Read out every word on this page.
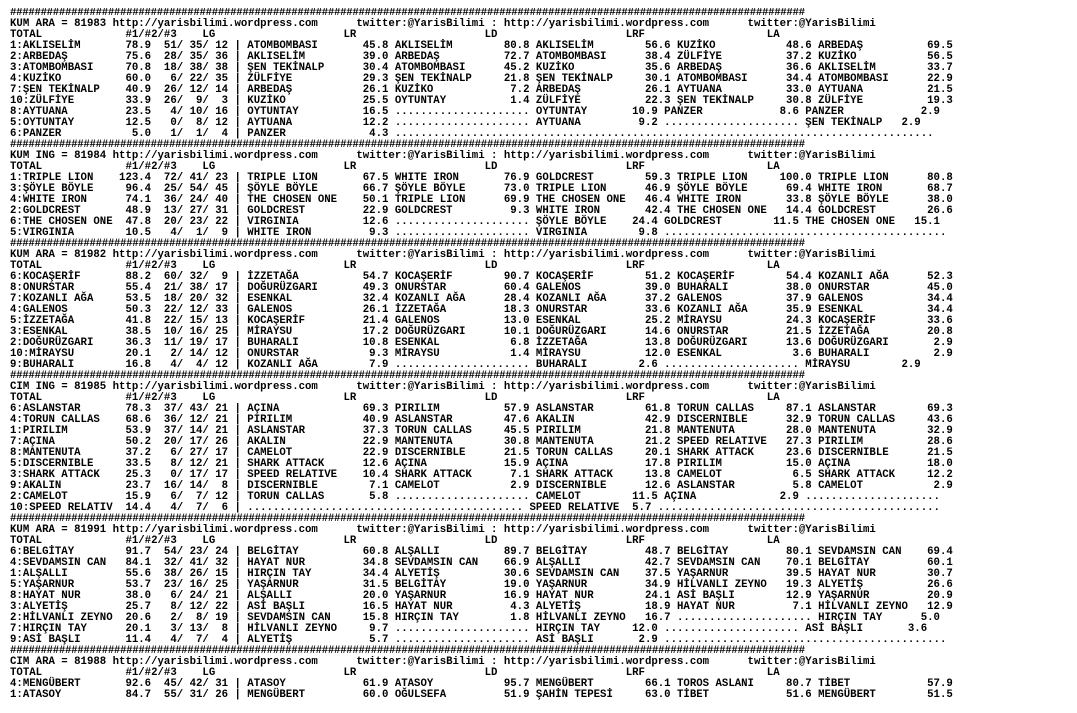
##################################################################################################################################
KUM ARA = 81983 http://yarisbilimi.wordpress.com      twitter:@YarisBilimi : http://yarisbilimi.wordpress.com      twitter:@YarisBilimi
TOTAL             #1/#2/#3    LG                    LR                    LD                    LRF                   LA
1:AKLISELİM       78.9  51/ 35/ 12 | ATOMBOMBASI       45.8 AKLISELİM        80.8 AKLISELİM        56.6 KUZİKO           48.6 ARBEDAŞ          69.5
2:ARBEDAŞ         75.6  28/ 35/ 36 | AKLISELİM         39.0 ARBEDAŞ          72.7 ATOMBOMBASI      38.4 ZÜLFİYE          37.2 KUZİKO           56.5
3:ATOMBOMBASI     70.8  18/ 38/ 38 | ŞEN TEKİNALP      30.4 ATOMBOMBASI      45.2 KUZİKO           35.6 ARBEDAŞ          36.6 AKLISELİM        33.7
4:KUZİKO          60.0   6/ 22/ 35 | ZÜLFİYE           29.3 ŞEN TEKİNALP     21.8 ŞEN TEKİNALP     30.1 ATOMBOMBASI      34.4 ATOMBOMBASI      22.9
7:ŞEN TEKİNALP    40.9  26/ 12/ 14 | ARBEDAŞ           26.1 KUZİKO            7.2 ARBEDAŞ          26.1 AYTUANA          33.0 AYTUANA          21.5
10:ZÜLFİYE        33.9  26/  9/  3 | KUZİKO            25.5 OYTUNTAY          1.4 ZÜLFİYE          22.3 ŞEN TEKİNALP     30.8 ZÜLFİYE          19.3
8:AYTUANA         23.5   4/ 10/ 16 | OYTUNTAY          16.5 ..................... OYTUNTAY       10.9 PANZER            8.6 PANZER            2.9
5:OYTUNTAY        12.5   0/  8/ 12 | AYTUANA           12.2 ..................... AYTUANA         9.2 ..................... ŞEN TEKİNALP   2.9
6:PANZER           5.0   1/  1/  4 | PANZER             4.3 ....................................................................................
##################################################################################################################################
KUM ING = 81984 http://yarisbilimi.wordpress.com      twitter:@YarisBilimi : http://yarisbilimi.wordpress.com      twitter:@YarisBilimi
TOTAL             #1/#2/#3    LG                    LR                    LD                    LRF                   LA
1:TRIPLE LION    123.4  72/ 41/ 23 | TRIPLE LION       67.5 WHITE IRON       76.9 GOLDCREST        59.3 TRIPLE LION     100.0 TRIPLE LION      80.8
3:ŞÖYLE BÖYLE     96.4  25/ 54/ 45 | ŞÖYLE BÖYLE       66.7 ŞÖYLE BÖYLE      73.0 TRIPLE LION      46.9 ŞÖYLE BÖYLE      69.4 WHITE IRON       68.7
4:WHITE IRON      74.1  36/ 24/ 40 | THE CHOSEN ONE    50.1 TRIPLE LION      69.9 THE CHOSEN ONE   46.4 WHITE IRON       33.8 ŞÖYLE BÖYLE      38.0
2:GOLDCREST       48.9  13/ 27/ 31 | GOLDCREST         22.9 GOLDCREST         9.3 WHITE IRON       42.4 THE CHOSEN ONE   14.4 GOLDCREST        26.6
6:THE CHOSEN ONE  47.8  20/ 23/ 22 | VIRGINIA          12.6 ..................... ŞÖYLE BÖYLE    24.4 GOLDCREST        11.5 THE CHOSEN ONE   15.1
5:VIRGINIA        10.5   4/  1/  9 | WHITE IRON         9.3 ..................... VIRGINIA        9.8 ............................................
##################################################################################################################################
KUM ARA = 81982 http://yarisbilimi.wordpress.com      twitter:@YarisBilimi : http://yarisbilimi.wordpress.com      twitter:@YarisBilimi
TOTAL             #1/#2/#3    LG                    LR                    LD                    LRF                   LA
6:KOCAŞERİF       88.2  60/ 32/  9 | İZZETAĞA          54.7 KOCAŞERİF        90.7 KOCAŞERİF        51.2 KOCAŞERİF        54.4 KOZANLI AĞA      52.3
8:ONURSTAR        55.4  21/ 38/ 17 | DOĞURÜZGARI       49.3 ONURSTAR         60.4 GALENOS          39.0 BUHARALI         38.0 ONURSTAR         45.0
7:KOZANLI AĞA     53.5  18/ 20/ 32 | ESENKAL           32.4 KOZANLI AĞA      28.4 KOZANLI AĞA      37.2 GALENOS          37.9 GALENOS          34.4
4:GALENOS         50.3  22/ 12/ 33 | GALENOS           26.1 İZZETAĞA         18.3 ONURSTAR         33.6 KOZANLI AĞA      35.9 ESENKAL          34.4
5:İZZETAĞA        41.8  22/ 15/ 13 | KOCAŞERİF         21.4 GALENOS          13.0 ESENKAL          25.2 MİRAYSU          24.3 KOCAŞERİF        33.6
3:ESENKAL         38.5  10/ 16/ 25 | MİRAYSU           17.2 DOĞURÜZGARI      10.1 DOĞURÜZGARI      14.6 ONURSTAR         21.5 İZZETAĞA         20.8
2:DOĞURÜZGARI     36.3  11/ 19/ 17 | BUHARALI          10.8 ESENKAL           6.8 İZZETAĞA         13.8 DOĞURÜZGARI      13.6 DOĞURÜZGARI       2.9
10:MİRAYSU        20.1   2/ 14/ 12 | ONURSTAR           9.3 MİRAYSU           1.4 MİRAYSU          12.0 ESENKAL           3.6 BUHARALI          2.9
9:BUHARALI        16.8   4/  4/ 12 | KOZANLI AĞA        7.9 ..................... BUHARALI        2.6 ..................... MİRAYSU        2.9
##################################################################################################################################
CIM ING = 81985 http://yarisbilimi.wordpress.com      twitter:@YarisBilimi : http://yarisbilimi.wordpress.com      twitter:@YarisBilimi
TOTAL             #1/#2/#3    LG                    LR                    LD                    LRF                   LA
6:ASLANSTAR       78.3  37/ 43/ 21 | AÇINA             69.3 PIRILIM          57.9 ASLANSTAR        61.8 TORUN CALLAS     87.1 ASLANSTAR        69.3
4:TORUN CALLAS    68.6  36/ 12/ 21 | PIRILIM           40.9 ASLANSTAR        47.6 AKALIN           42.9 DISCERNIBLE      32.9 TORUN CALLAS     43.6
1:PIRILIM         53.9  37/ 14/ 21 | ASLANSTAR         37.3 TORUN CALLAS     45.5 PIRILIM          21.8 MANTENUTA        28.0 MANTENUTA        32.9
7:AÇINA           50.2  20/ 17/ 26 | AKALIN            22.9 MANTENUTA        30.8 MANTENUTA        21.2 SPEED RELATIVE   27.3 PIRILIM          28.6
8:MANTENUTA       37.2   6/ 27/ 17 | CAMELOT           22.9 DISCERNIBLE      21.5 TORUN CALLAS     20.1 SHARK ATTACK     23.6 DISCERNIBLE      21.5
5:DISCERNIBLE     33.5   8/ 12/ 21 | SHARK ATTACK      12.6 AÇINA            15.9 AÇINA            17.8 PIRILIM          15.0 AÇINA            18.0
3:SHARK ATTACK    25.3   0/ 17/ 17 | SPEED RELATIVE    10.4 SHARK ATTACK      7.1 SHARK ATTACK     13.8 CAMELOT           6.5 SHARK ATTACK     12.2
9:AKALIN          23.7  16/ 14/  8 | DISCERNIBLE        7.1 CAMELOT           2.9 DISCERNIBLE      12.6 ASLANSTAR         5.8 CAMELOT           2.9
2:CAMELOT         15.9   6/  7/ 12 | TORUN CALLAS       5.8 ..................... CAMELOT        11.5 AÇINA             2.9 .....................
10:SPEED RELATIV  14.4   4/  7/  6 | ........................................... SPEED RELATIVE  5.7 ............................................
##################################################################################################################################
KUM ARA = 81991 http://yarisbilimi.wordpress.com      twitter:@YarisBilimi : http://yarisbilimi.wordpress.com      twitter:@YarisBilimi
TOTAL             #1/#2/#3    LG                    LR                    LD                    LRF                   LA
6:BELGİTAY        91.7  54/ 23/ 24 | BELGİTAY          60.8 ALŞALLI          89.7 BELGİTAY         48.7 BELGİTAY         80.1 SEVDAMSIN CAN    69.4
4:SEVDAMSIN CAN   84.1  32/ 41/ 32 | HAYAT NUR         34.8 SEVDAMSIN CAN    66.9 ALŞALLI          42.7 SEVDAMSIN CAN    70.1 BELGİTAY         60.1
1:ALŞALLI         55.6  38/ 26/ 15 | HIRÇIN TAY        34.4 ALYETİŞ          30.6 SEVDAMSIN CAN    37.5 YAŞARNUR         39.5 HAYAT NUR        30.7
5:YAŞARNUR        53.7  23/ 16/ 25 | YAŞARNUR          31.5 BELGİTAY         19.0 YAŞARNUR         34.9 HİLVANLI ZEYNO   19.3 ALYETİŞ          26.6
8:HAYAT NUR       38.0   6/ 24/ 21 | ALŞALLI           20.0 YAŞARNUR         16.9 HAYAT NUR        24.1 ASİ BAŞLI        12.9 YAŞARNUR         20.9
3:ALYETİŞ         25.7   8/ 12/ 22 | ASİ BAŞLI         16.5 HAYAT NUR         4.3 ALYETİŞ          18.9 HAYAT NUR         7.1 HİLVANLI ZEYNO   12.9
2:HİLVANLI ZEYNO  20.6   2/  8/ 19 | SEVDAMSIN CAN     15.8 HIRÇIN TAY        1.8 HİLVANLI ZEYNO   16.7 ..................... HIRÇIN TAY      5.0
7:HIRÇIN TAY      20.1   3/ 13/  8 | HİLVANLI ZEYNO     9.7 ..................... HIRÇIN TAY     12.0 ..................... ASİ BAŞLI       3.6
9:ASİ BAŞLI       11.4   4/  7/  4 | ALYETİŞ            5.7 ..................... ASİ BAŞLI       2.9 ............................................
##################################################################################################################################
CIM ARA = 81988 http://yarisbilimi.wordpress.com      twitter:@YarisBilimi : http://yarisbilimi.wordpress.com      twitter:@YarisBilimi
TOTAL             #1/#2/#3    LG                    LR                    LD                    LRF                   LA
4:MENGÜBERT       92.6  45/ 42/ 31 | ATASOY            61.9 ATASOY           95.7 MENGÜBERT        66.1 TOROS ASLANI     80.7 TİBET            57.9
1:ATASOY          84.7  55/ 31/ 26 | MENGÜBERT         60.0 OĞULSEFA         51.9 ŞAHİN TEPESİ     63.0 TİBET            51.6 MENGÜBERT        51.5
